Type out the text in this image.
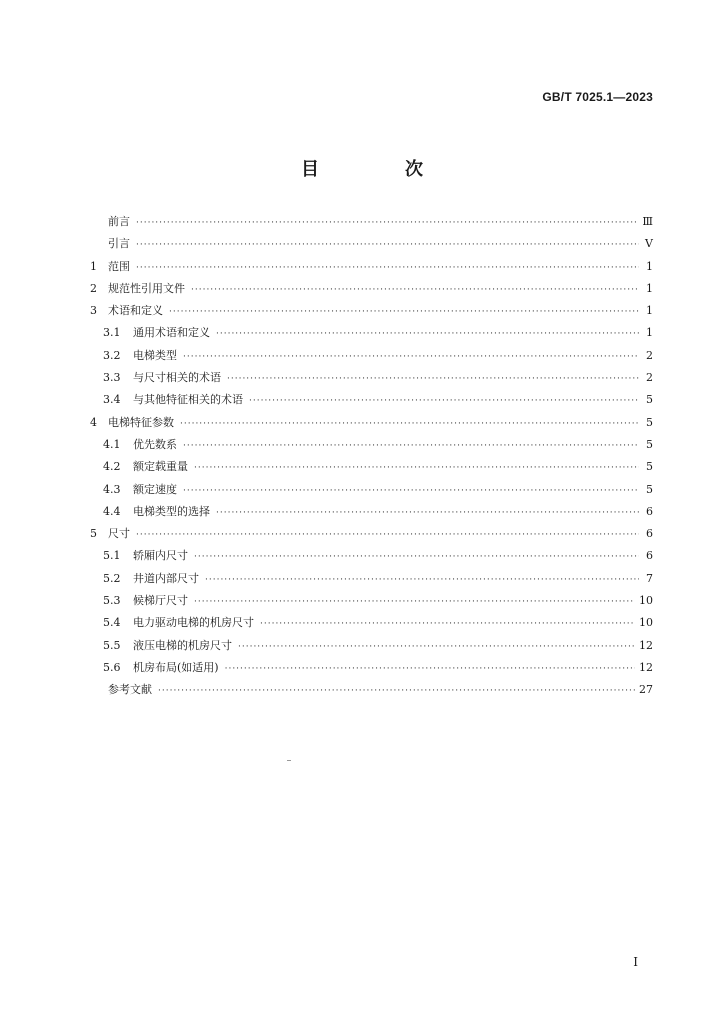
GB/T 7025.1—2023
目　次
前言 ·····	Ⅲ
引言 ·····	V
1	范围 ·····	1
2	规范性引用文件 ·····	1
3	术语和定义 ·····	1
3.1	通用术语和定义 ·····	1
3.2	电梯类型 ·····	2
3.3	与尺寸相关的术语 ·····	2
3.4	与其他特征相关的术语 ·····	5
4	电梯特征参数 ·····	5
4.1	优先数系 ·····	5
4.2	额定载重量 ·····	5
4.3	额定速度 ·····	5
4.4	电梯类型的选择 ·····	6
5	尺寸 ·····	6
5.1	轿厢内尺寸 ·····	6
5.2	井道内部尺寸 ·····	7
5.3	候梯厅尺寸 ·····	10
5.4	电力驱动电梯的机房尺寸 ·····	10
5.5	液压电梯的机房尺寸 ·····	12
5.6	机房布局(如适用) ·····	12
参考文献 ·····	27
I
